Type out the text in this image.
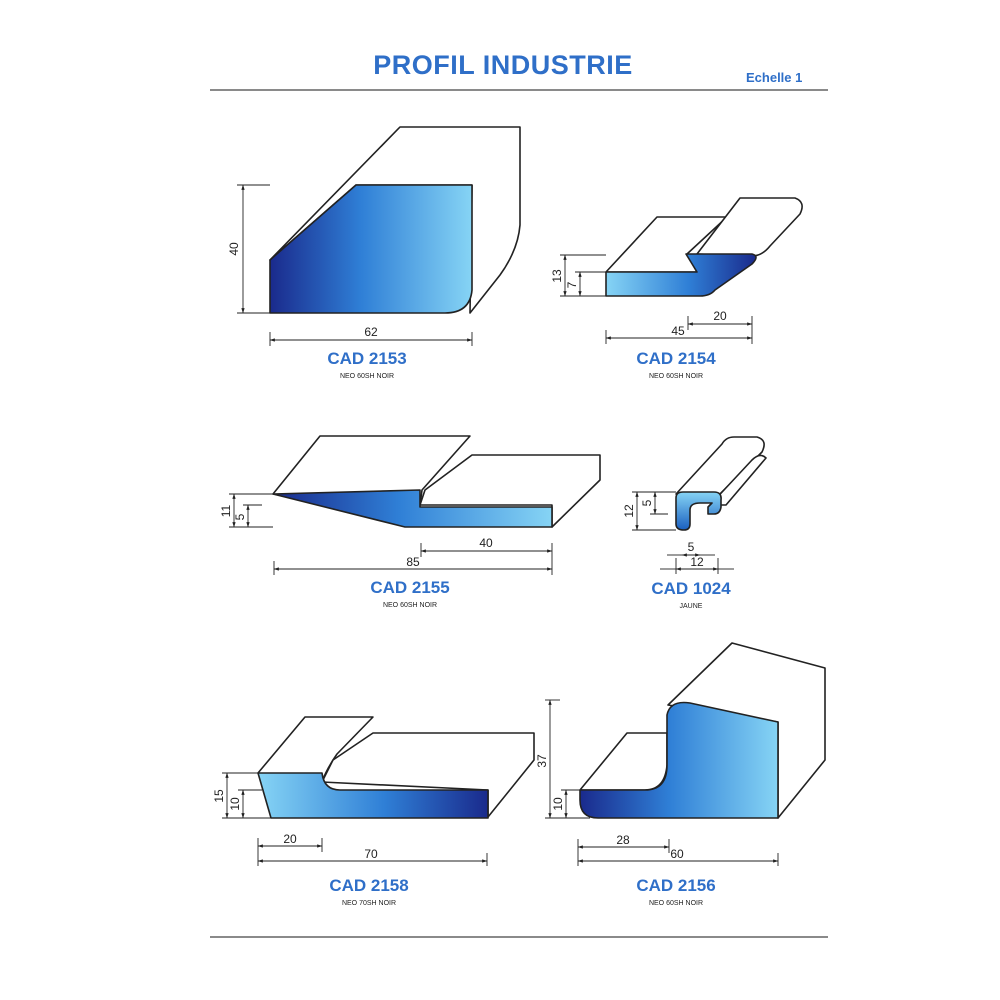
PROFIL INDUSTRIE	Echelle 1
40
62
CAD 2153
NEO 60SH NOIR
13
7
20
45
CAD 2154
NEO 60SH NOIR
11 5
40
85
CAD 2155
NEO 60SH NOIR
12
5
5
12
CAD 1024
JAUNE
15
10
20
70
CAD 2158
NEO 70SH NOIR
37
10
28
60
CAD 2156
NEO 60SH NOIR
